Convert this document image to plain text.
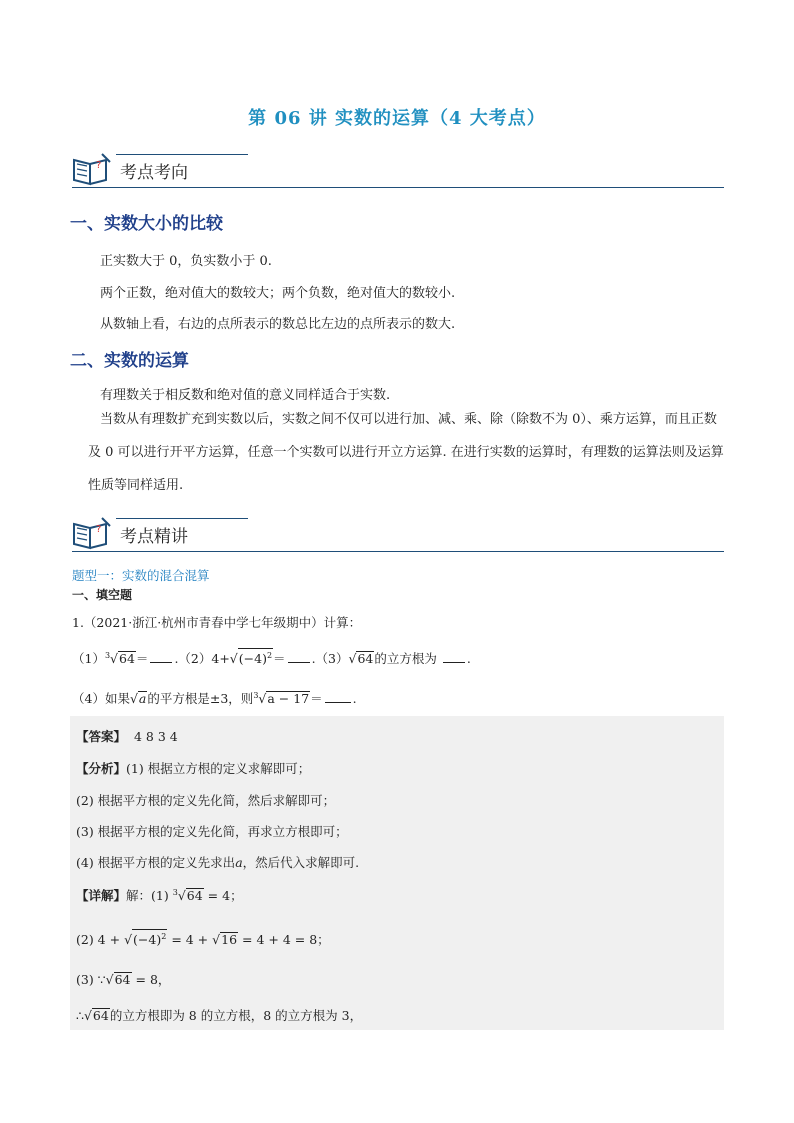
第 06 讲 实数的运算（4 大考点）
? 考点考向
一、实数大小的比较
正实数大于 0，负实数小于 0.
两个正数，绝对值大的数较大；两个负数，绝对值大的数较小.
从数轴上看，右边的点所表示的数总比左边的点所表示的数大.
二、实数的运算
有理数关于相反数和绝对值的意义同样适合于实数.
当数从有理数扩充到实数以后，实数之间不仅可以进行加、减、乘、除（除数不为 0）、乘方运算，而且正数及 0 可以进行开平方运算，任意一个实数可以进行开立方运算. 在进行实数的运算时，有理数的运算法则及运算性质等同样适用.
? 考点精讲
题型一：实数的混合混算
一、填空题
1.（2021·浙江·杭州市青春中学七年级期中）计算：
$(1)^3√64= .(2)4+√(-4)^2= .(3)√64$的立方根为 .
（4）如果√a的平方根是±3，则$^3$√a − 17＝ .
【答案】 4 8 3 4
【分析】(1) 根据立方根的定义求解即可；
(2) 根据平方根的定义先化简，然后求解即可；
(3) 根据平方根的定义先化简，再求立方根即可；
(4) 根据平方根的定义先求出a，然后代入求解即可.
【详解】解：(1) $^3$√64 = 4；
(2) $4 + √(-4)^2 = 4 + √16 = 4 + 4 = 8$；
(3) ∵√64 = 8，
∴√64的立方根即为 8 的立方根，8 的立方根为 3，
